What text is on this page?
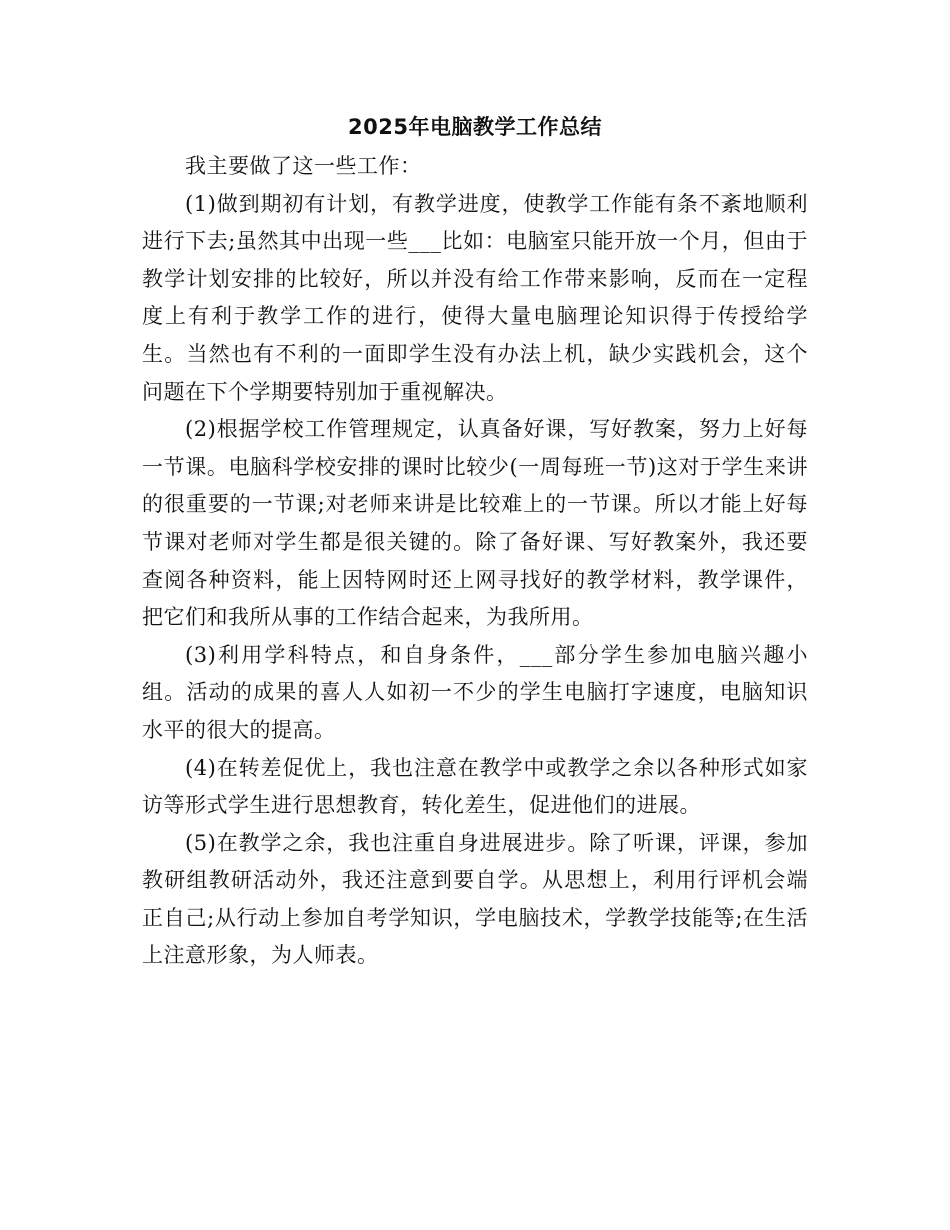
2025年电脑教学工作总结

我主要做了这一些工作：

(1)做到期初有计划，有教学进度，使教学工作能有条不紊地顺利进行下去;虽然其中出现一些___比如：电脑室只能开放一个月，但由于教学计划安排的比较好，所以并没有给工作带来影响，反而在一定程度上有利于教学工作的进行，使得大量电脑理论知识得于传授给学生。当然也有不利的一面即学生没有办法上机，缺少实践机会，这个问题在下个学期要特别加于重视解决。

(2)根据学校工作管理规定，认真备好课，写好教案，努力上好每一节课。电脑科学校安排的课时比较少(一周每班一节)这对于学生来讲的很重要的一节课;对老师来讲是比较难上的一节课。所以才能上好每节课对老师对学生都是很关键的。除了备好课、写好教案外，我还要查阅各种资料，能上因特网时还上网寻找好的教学材料，教学课件，把它们和我所从事的工作结合起来，为我所用。

(3)利用学科特点，和自身条件，___部分学生参加电脑兴趣小组。活动的成果的喜人人如初一不少的学生电脑打字速度，电脑知识水平的很大的提高。

(4)在转差促优上，我也注意在教学中或教学之余以各种形式如家访等形式学生进行思想教育，转化差生，促进他们的进展。

(5)在教学之余，我也注重自身进展进步。除了听课，评课，参加教研组教研活动外，我还注意到要自学。从思想上，利用行评机会端正自己;从行动上参加自考学知识，学电脑技术，学教学技能等;在生活上注意形象，为人师表。
